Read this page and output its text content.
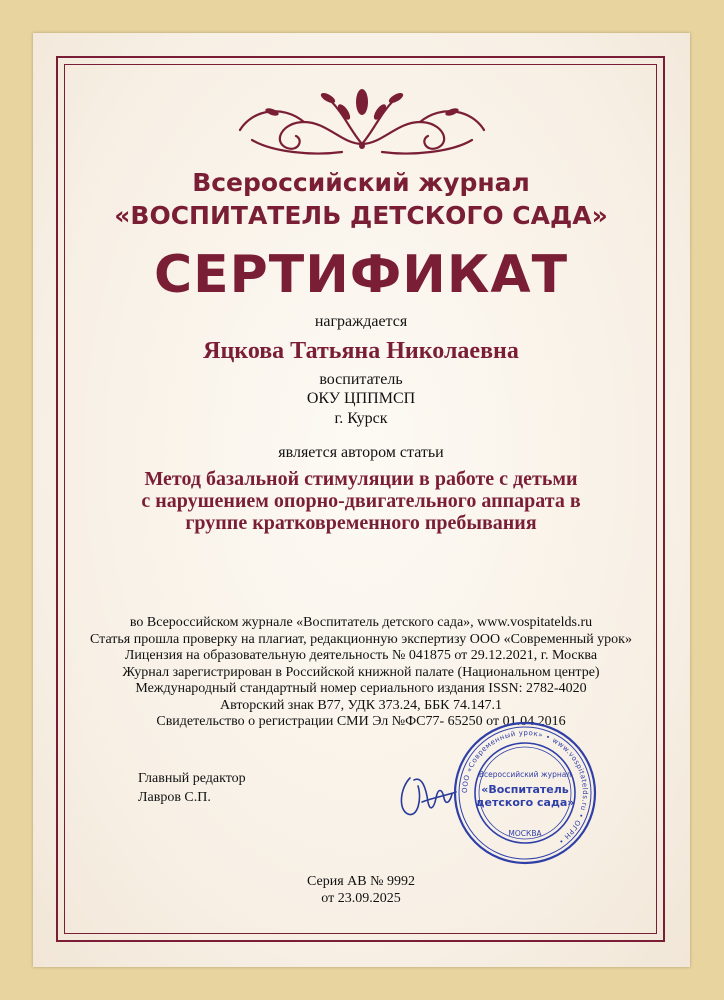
Всероссийский журнал
«ВОСПИТАТЕЛЬ ДЕТСКОГО САДА»
СЕРТИФИКАТ
награждается
Яцкова Татьяна Николаевна
воспитатель
ОКУ ЦППМСП
г. Курск
является автором статьи
Метод базальной стимуляции в работе с детьми
с нарушением опорно-двигательного аппарата в
группе кратковременного пребывания
во Всероссийском журнале «Воспитатель детского сада», www.vospitatelds.ru
Статья прошла проверку на плагиат, редакционную экспертизу ООО «Современный урок»
Лицензия на образовательную деятельность № 041875 от 29.12.2021, г. Москва
Журнал зарегистрирован в Российской книжной палате (Национальном центре)
Международный стандартный номер сериального издания ISSN: 2782-4020
Авторский знак В77, УДК 373.24, ББК 74.147.1
Свидетельство о регистрации СМИ Эл №ФС77- 65250 от 01.04.2016
Главный редактор
Лавров С.П.
ООО «Современный урок» • www.vospitatelds.ru • ОГРН •
Всероссийский журнал
«Воспитатель
детского сада»
МОСКВА
Серия АВ № 9992
от 23.09.2025
